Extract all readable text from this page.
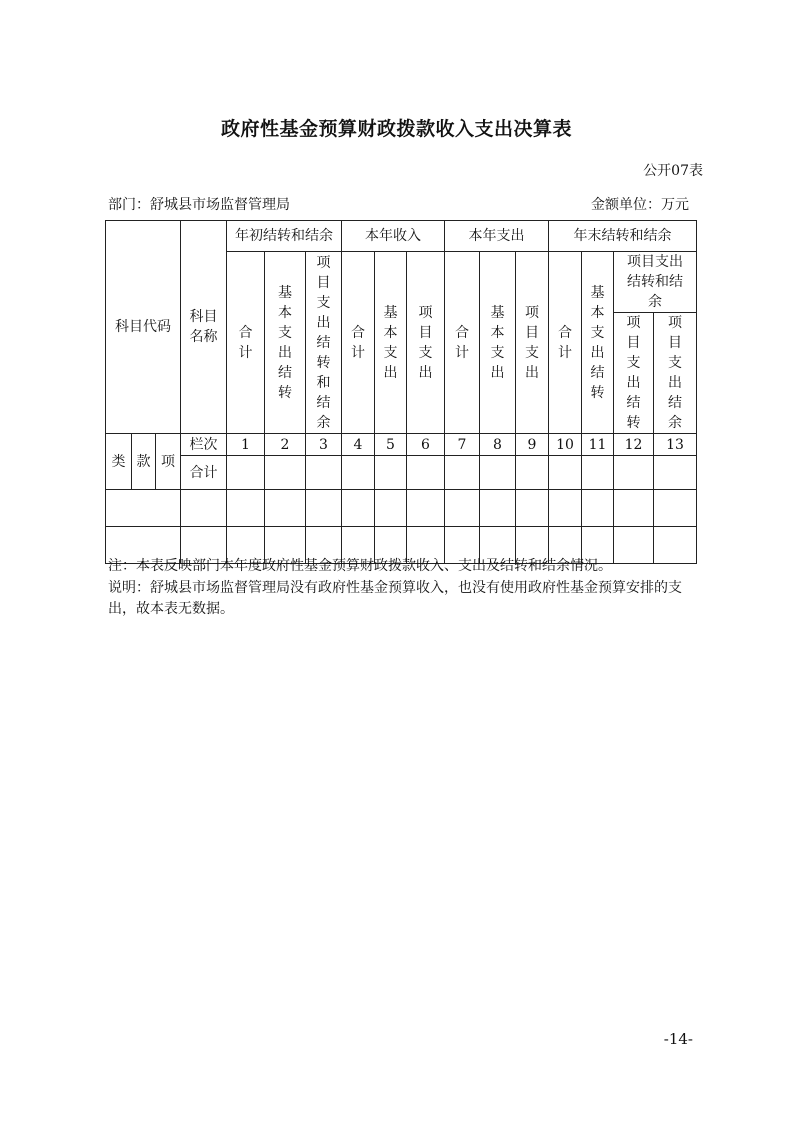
政府性基金预算财政拨款收入支出决算表
公开07表
部门：舒城县市场监督管理局	金额单位：万元
科目代码			科目名称	年初结转和结余			本年收入			本年支出			年末结转和结余			
				合计	基本支出结转	项目支出结转和结余	合计	基本支出	项目支出	合计	基本支出	项目支出	合计	基本支出结转	项目支出结转和结余	
															项目支出结转	项目支出结余
类	款	项	栏次	1	2	3	4	5	6	7	8	9	10	11	12	13
			合计													

注：本表反映部门本年度政府性基金预算财政拨款收入、支出及结转和结余情况。
说明：舒城县市场监督管理局没有政府性基金预算收入，也没有使用政府性基金预算安排的支出，故本表无数据。
-14-
